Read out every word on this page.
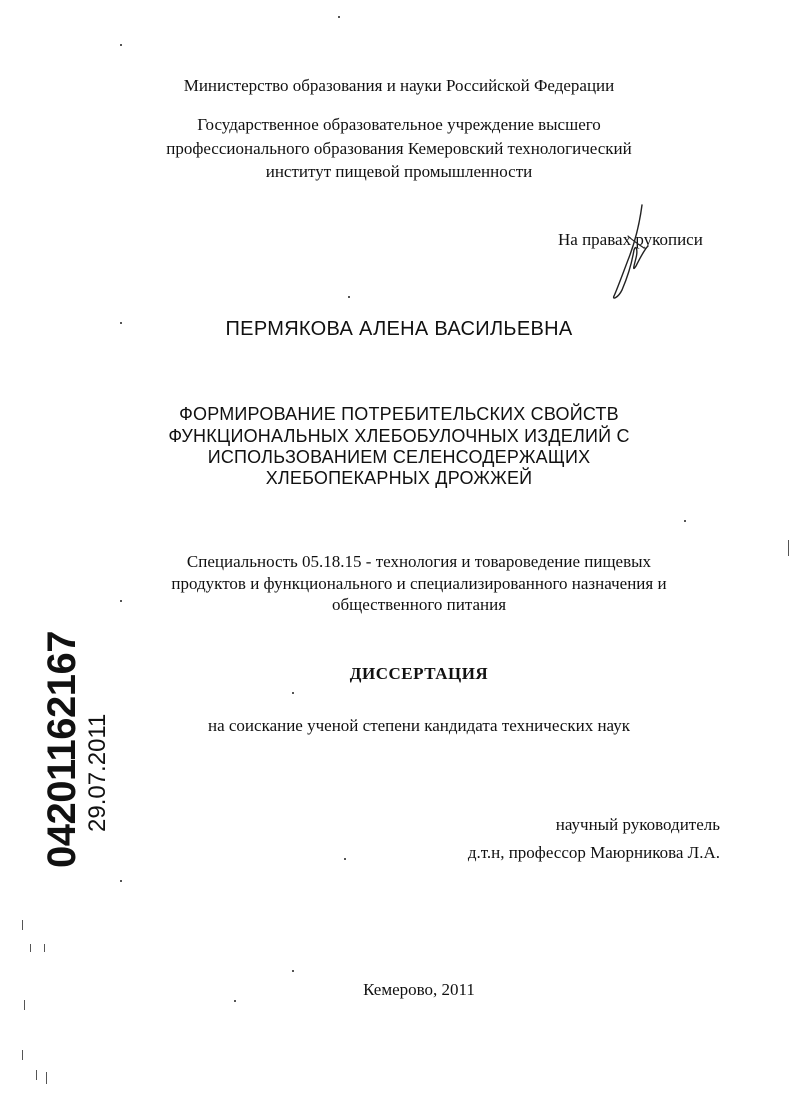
Министерство образования и науки Российской Федерации
Государственное образовательное учреждение высшего
профессионального образования Кемеровский технологический
институт пищевой промышленности
На правах рукописи
ПЕРМЯКОВА АЛЕНА ВАСИЛЬЕВНА
ФОРМИРОВАНИЕ ПОТРЕБИТЕЛЬСКИХ СВОЙСТВ
ФУНКЦИОНАЛЬНЫХ ХЛЕБОБУЛОЧНЫХ ИЗДЕЛИЙ С
ИСПОЛЬЗОВАНИЕМ СЕЛЕНСОДЕРЖАЩИХ
ХЛЕБОПЕКАРНЫХ ДРОЖЖЕЙ
Специальность 05.18.15 - технология и товароведение пищевых
продуктов и функционального и специализированного назначения и
общественного питания
ДИССЕРТАЦИЯ
на соискание ученой степени кандидата технических наук
научный руководитель
д.т.н, профессор Маюрникова Л.А.
Кемерово, 2011
04201162167 29.07.2011
